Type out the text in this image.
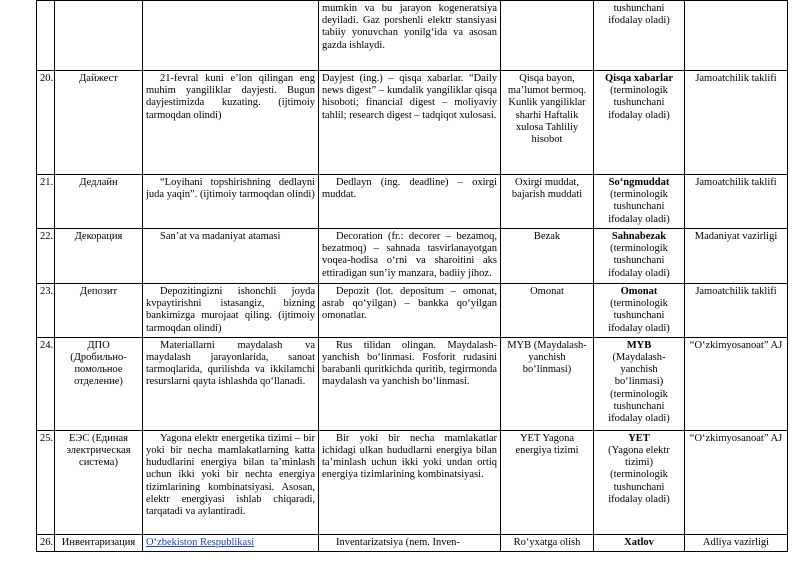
			mumkin va bu jarayon kogeneratsiya deyiladi. Gaz porshenli elektr stansiyasi tabiiy yonuvchan yonilg‘ida va asosan gazda ishlaydi.		tushunchani ifodalay oladi)	

20.	Дайжест	21-fevral kuni e’lon qilingan eng muhim yangiliklar dayjesti. Bugun dayjestimizda kuzating. (ijtimoiy tarmoqdan olindi)	Dayjest (ing.) – qisqa xabarlar. “Daily news digest” – kundalik yangiliklar qisqa hisoboti; financial digest – moliyaviy tahlil; research digest – tadqiqot xulosasi.	Qisqa bayon, ma’lumot bermoq. Kunlik yangiliklar sharhi Haftalik xulosa Tahliliy hisobot	Qisqa xabarlar
(terminologik tushunchani ifodalay oladi)	Jamoatchilik taklifi
21.	Дедлайн	“Loyihani topshirishning dedlayni juda yaqin”. (ijtimoiy tarmoqdan olindi)	Dedlayn (ing. deadline) – oxirgi muddat.	Oxirgi muddat, bajarish muddati	So‘ngmuddat
(terminologik tushunchani ifodalay oladi)	Jamoatchilik taklifi
22.	Декорация	San’at va madaniyat atamasi	Decoration (fr.: decorer – bezamoq, bezatmoq) – sahnada tasvirlanayotgan voqea-hodisa o‘rni va sharoitini aks ettiradigan sun’iy manzara, badiiy jihoz.	Bezak	Sahnabezak
(terminologik tushunchani ifodalay oladi)	Madaniyat vazirligi
23.	Депозит	Depozitingizni ishonchli joyda kvpaytirishni istasangiz, bizning bankimizga murojaat qiling. (ijtimoiy tarmoqdan olindi)	Depozit (lot. depositum – omonat, asrab qo‘yilgan) – bankka qo‘yilgan omonatlar.	Omonat	Omonat
(terminologik tushunchani ifodalay oladi)	Jamoatchilik taklifi
24.	ДПО (Дробильно-помольное отделение)	Materiallarni maydalash va maydalash jarayonlarida, sanoat tarmoqlarida, qurilishda va ikkilamchi resurslarni qayta ishlashda qo‘llanadi.	Rus tilidan olingan. Maydalash-yanchish bo‘linmasi. Fosforit rudasini barabanli quritkichda quritib, tegirmonda maydalash va yanchish bo‘linmasi.	MYB (Maydalash-yanchish bo‘linmasi)	MYB
(Maydalash-yanchish bo‘linmasi) (terminologik tushunchani ifodalay oladi)	“O‘zkimyosanoat” AJ
25.	ЕЭС (Единая электрическая система)	Yagona elektr energetika tizimi – bir yoki bir necha mamlakatlarning katta hududlarini energiya bilan ta’minlash uchun ikki yoki bir nechta energiya tizimlarining kombinatsiyasi. Asosan, elektr energiyasi ishlab chiqaradi, tarqatadi va aylantiradi.	Bir yoki bir necha mamlakatlar ichidagi ulkan hududlarni energiya bilan ta’minlash uchun ikki yoki undan ortiq energiya tizimlarining kombinatsiyasi.	YET Yagona energiya tizimi	YET
(Yagona elektr tizimi) (terminologik tushunchani ifodalay oladi)	“O‘zkimyosanoat” AJ
26.	Инвентаризация	O‘zbekiston Respublikasi	Inventarizatsiya (nem. Inven-	Ro‘yxatga olish	Xatlov	Adliya vazirligi
